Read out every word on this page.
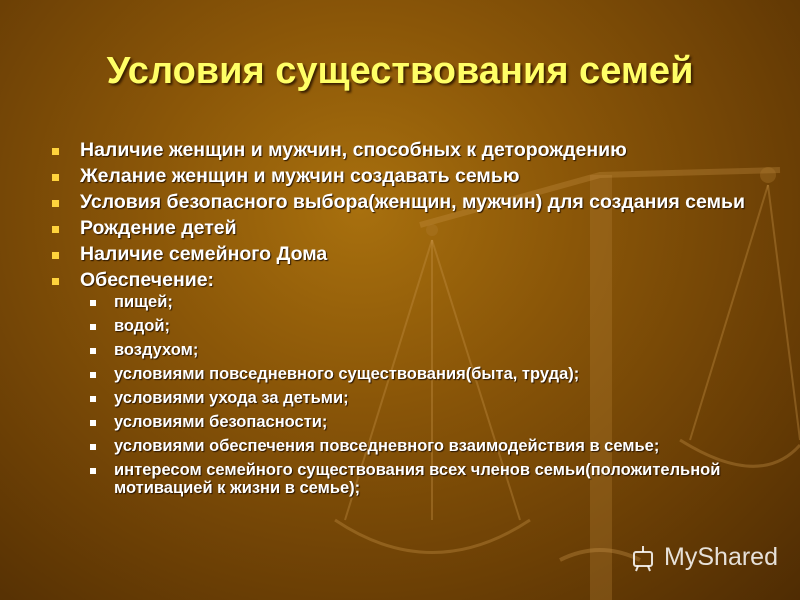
Условия существования семей
Наличие женщин и мужчин, способных к деторождению
Желание женщин и мужчин создавать семью
Условия безопасного выбора(женщин, мужчин) для создания семьи
Рождение детей
Наличие семейного Дома
Обеспечение:
пищей;
водой;
воздухом;
условиями повседневного существования(быта, труда);
условиями ухода за детьми;
условиями безопасности;
условиями обеспечения повседневного взаимодействия в семье;
интересом семейного существования всех членов семьи(положительной мотивацией к жизни в семье);
MyShared
